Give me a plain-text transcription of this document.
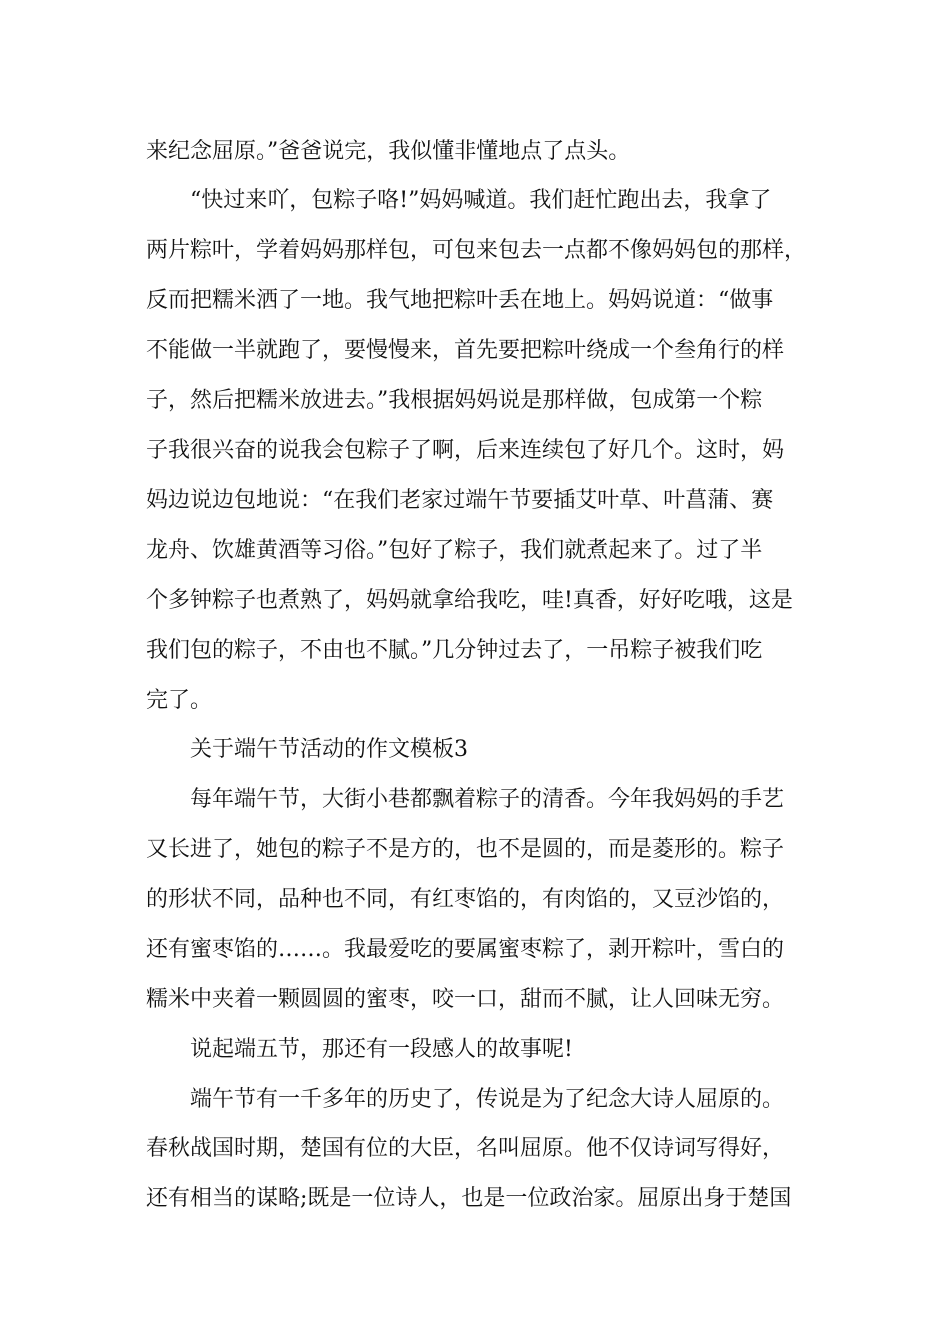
来纪念屈原。”爸爸说完，我似懂非懂地点了点头。
“快过来吖，包粽子咯!”妈妈喊道。我们赶忙跑出去，我拿了
两片粽叶，学着妈妈那样包，可包来包去一点都不像妈妈包的那样，
反而把糯米洒了一地。我气地把粽叶丢在地上。妈妈说道：“做事
不能做一半就跑了，要慢慢来，首先要把粽叶绕成一个叁角行的样
子，然后把糯米放进去。”我根据妈妈说是那样做，包成第一个粽
子我很兴奋的说我会包粽子了啊，后来连续包了好几个。这时，妈
妈边说边包地说：“在我们老家过端午节要插艾叶草、叶菖蒲、赛
龙舟、饮雄黄酒等习俗。”包好了粽子，我们就煮起来了。过了半
个多钟粽子也煮熟了，妈妈就拿给我吃，哇!真香，好好吃哦，这是
我们包的粽子，不由也不腻。”几分钟过去了，一吊粽子被我们吃
完了。
关于端午节活动的作文模板3
每年端午节，大街小巷都飘着粽子的清香。今年我妈妈的手艺
又长进了，她包的粽子不是方的，也不是圆的，而是菱形的。粽子
的形状不同，品种也不同，有红枣馅的，有肉馅的，又豆沙馅的，
还有蜜枣馅的……。我最爱吃的要属蜜枣粽了，剥开粽叶，雪白的
糯米中夹着一颗圆圆的蜜枣，咬一口，甜而不腻，让人回味无穷。
说起端五节，那还有一段感人的故事呢!
端午节有一千多年的历史了，传说是为了纪念大诗人屈原的。
春秋战国时期，楚国有位的大臣，名叫屈原。他不仅诗词写得好，
还有相当的谋略;既是一位诗人，也是一位政治家。屈原出身于楚国
